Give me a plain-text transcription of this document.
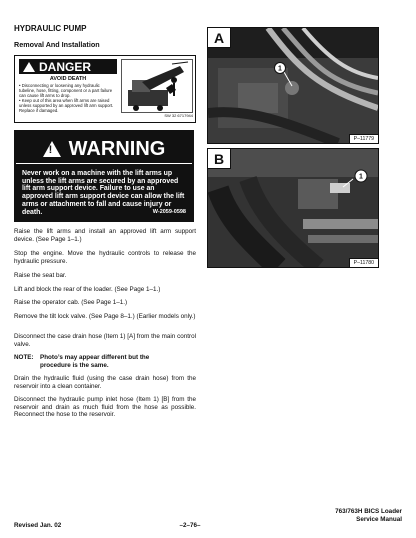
HYDRAULIC PUMP
Removal And Installation
DANGER
AVOID DEATH
• Disconnecting or loosening any hydraulic tubeline, hose, fitting, component or a part failure can cause lift arms to drop.
• Keep out of this area when lift arms are raised unless supported by an approved lift arm support. Replace if damaged.
SW 32 6717944
! WARNING
Never work on a machine with the lift arms up unless the lift arms are secured by an approved lift arm support device. Failure to use an approved lift arm support device can allow the lift arms or attachment to fall and cause injury or death.	W-2059-0598
1
A
P–11779
1
B
P–11780
Raise the lift arms and install an approved lift arm support device. (See Page 1–1.)
Stop the engine. Move the hydraulic controls to release the hydraulic pressure.
Raise the seat bar.
Lift and block the rear of the loader. (See Page 1–1.)
Raise the operator cab. (See Page 1–1.)
Remove the tilt lock valve. (See Page 8–1.) (Earlier models only.)
Disconnect the case drain hose (Item 1) [A] from the main control valve.
NOTE: Photo’s may appear different but the
procedure is the same.
Drain the hydraulic fluid (using the case drain hose) from the reservoir into a clean container.
Disconnect the hydraulic pump inlet hose (Item 1) [B] from the reservoir and drain as much fluid from the hose as possible. Reconnect the hose to the reservoir.
Revised Jan. 02	–2–76–
763/763H BICS Loader
Service Manual
